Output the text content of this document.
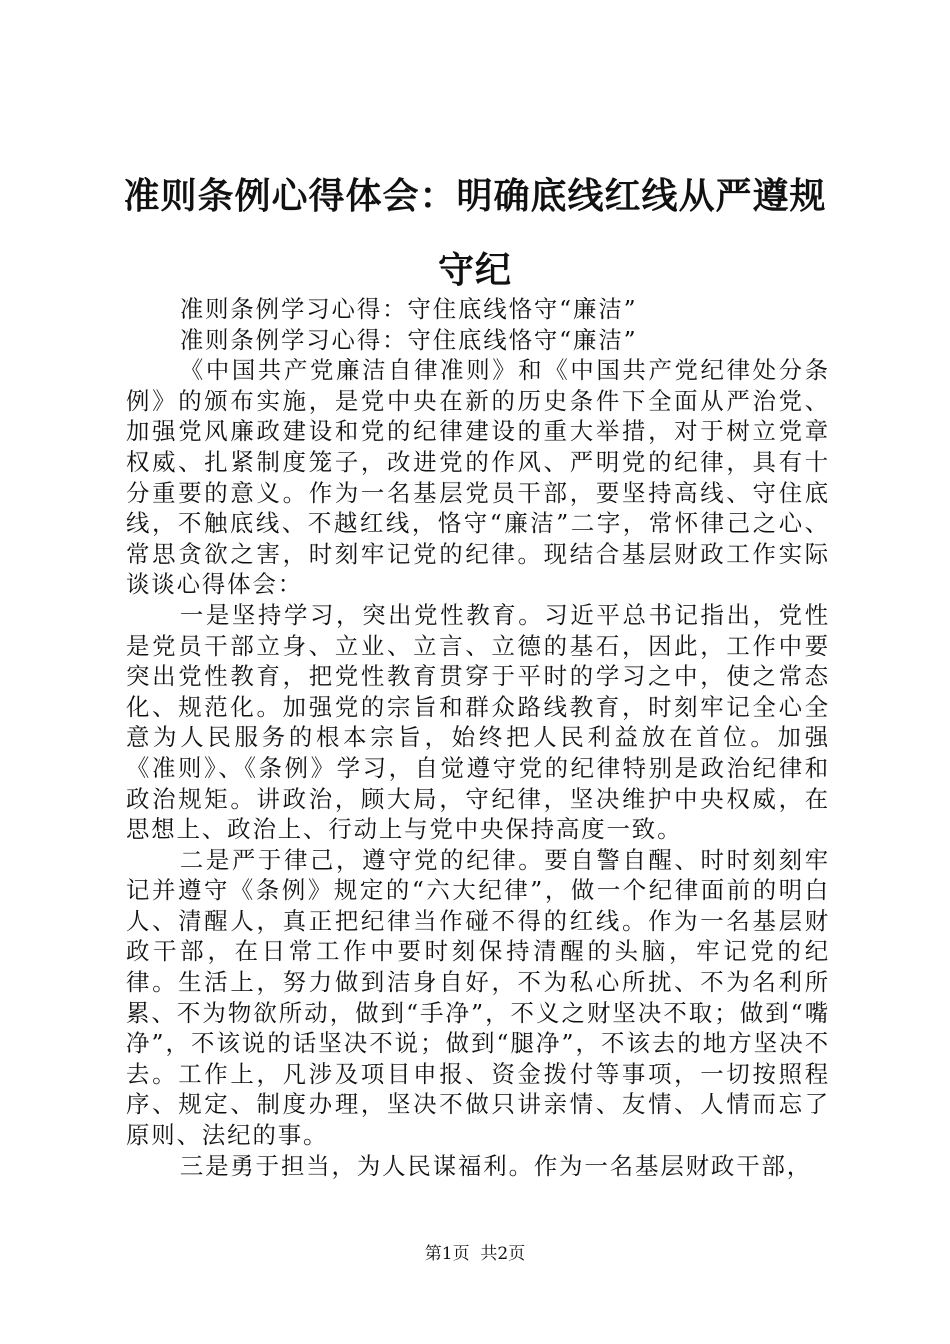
准则条例心得体会：明确底线红线从严遵规守纪

准则条例学习心得：守住底线恪守“廉洁”

准则条例学习心得：守住底线恪守“廉洁”

《中国共产党廉洁自律准则》和《中国共产党纪律处分条例》的颁布实施，是党中央在新的历史条件下全面从严治党、加强党风廉政建设和党的纪律建设的重大举措，对于树立党章权威、扎紧制度笼子，改进党的作风、严明党的纪律，具有十分重要的意义。作为一名基层党员干部，要坚持高线、守住底线，不触底线、不越红线，恪守“廉洁”二字，常怀律己之心、常思贪欲之害，时刻牢记党的纪律。现结合基层财政工作实际谈谈心得体会：

一是坚持学习，突出党性教育。习近平总书记指出，党性是党员干部立身、立业、立言、立德的基石，因此，工作中要突出党性教育，把党性教育贯穿于平时的学习之中，使之常态化、规范化。加强党的宗旨和群众路线教育，时刻牢记全心全意为人民服务的根本宗旨，始终把人民利益放在首位。加强《准则》、《条例》学习，自觉遵守党的纪律特别是政治纪律和政治规矩。讲政治，顾大局，守纪律，坚决维护中央权威，在思想上、政治上、行动上与党中央保持高度一致。

二是严于律己，遵守党的纪律。要自警自醒、时时刻刻牢记并遵守《条例》规定的“六大纪律”，做一个纪律面前的明白人、清醒人，真正把纪律当作碰不得的红线。作为一名基层财政干部，在日常工作中要时刻保持清醒的头脑，牢记党的纪律。生活上，努力做到洁身自好，不为私心所扰、不为名利所累、不为物欲所动，做到“手净”，不义之财坚决不取；做到“嘴净”，不该说的话坚决不说；做到“腿净”，不该去的地方坚决不去。工作上，凡涉及项目申报、资金拨付等事项，一切按照程序、规定、制度办理，坚决不做只讲亲情、友情、人情而忘了原则、法纪的事。

三是勇于担当，为人民谋福利。作为一名基层财政干部，

第1页 共2页
